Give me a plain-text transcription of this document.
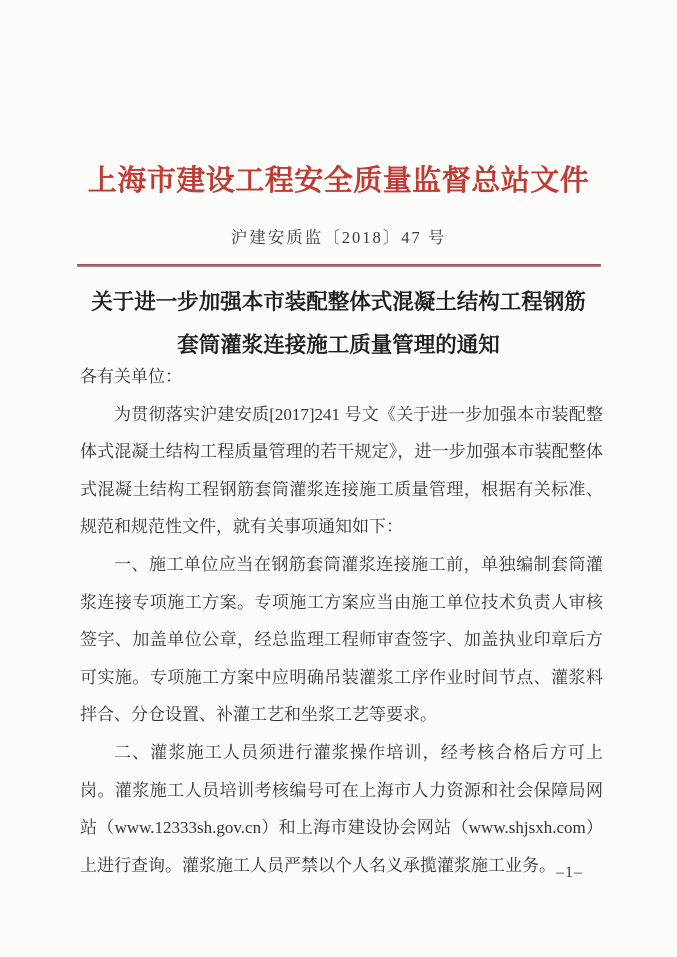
上海市建设工程安全质量监督总站文件
沪建安质监〔2018〕47 号
关于进一步加强本市装配整体式混凝土结构工程钢筋
套筒灌浆连接施工质量管理的通知

各有关单位：

为贯彻落实沪建安质[2017]241 号文《关于进一步加强本市装配整体式混凝土结构工程质量管理的若干规定》，进一步加强本市装配整体式混凝土结构工程钢筋套筒灌浆连接施工质量管理，根据有关标准、规范和规范性文件，就有关事项通知如下：

一、施工单位应当在钢筋套筒灌浆连接施工前，单独编制套筒灌浆连接专项施工方案。专项施工方案应当由施工单位技术负责人审核签字、加盖单位公章，经总监理工程师审查签字、加盖执业印章后方可实施。专项施工方案中应明确吊装灌浆工序作业时间节点、灌浆料拌合、分仓设置、补灌工艺和坐浆工艺等要求。

二、灌浆施工人员须进行灌浆操作培训，经考核合格后方可上岗。灌浆施工人员培训考核编号可在上海市人力资源和社会保障局网站（www.12333sh.gov.cn）和上海市建设协会网站（www.shjsxh.com）上进行查询。灌浆施工人员严禁以个人名义承揽灌浆施工业务。 –1–
